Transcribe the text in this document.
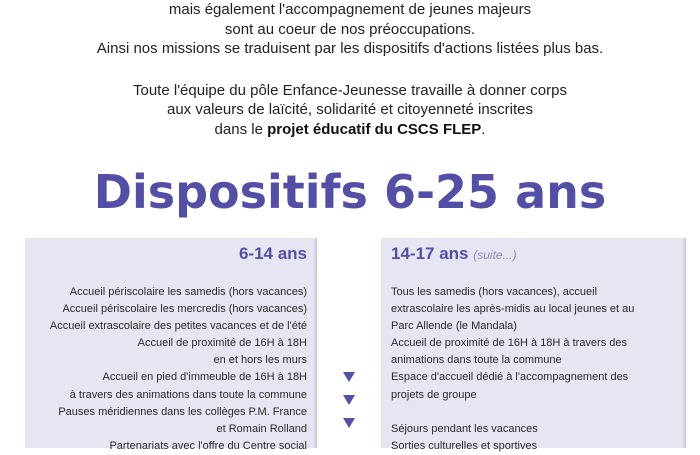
mais également l'accompagnement de jeunes majeurs

sont au coeur de nos préoccupations.

Ainsi nos missions se traduisent par les dispositifs d'actions listées plus bas.

Toute l'équipe du pôle Enfance-Jeunesse travaille à donner corps

aux valeurs de laïcité, solidarité et citoyenneté inscrites

dans le projet éducatif du CSCS FLEP.

Dispositifs 6-25 ans
6-14 ans
Accueil périscolaire les samedis (hors vacances)
Accueil périscolaire les mercredis (hors vacances)
Accueil extrascolaire des petites vacances et de l'été
Accueil de proximité de 16H à 18H
en et hors les murs
Accueil en pied d'immeuble de 16H à 18H
à travers des animations dans toute la commune
Pauses méridiennes dans les collèges P.M. France
et Romain Rolland
Partenariats avec l'offre du Centre social
14-17 ans (suite...)
Tous les samedis (hors vacances), accueil
extrascolaire les après-midis au local jeunes et au
Parc Allende (le Mandala)
Accueil de proximité de 16H à 18H à travers des
animations dans toute la commune
Espace d'accueil dédié à l'accompagnement des
projets de groupe
Séjours pendant les vacances
Sorties culturelles et sportives
